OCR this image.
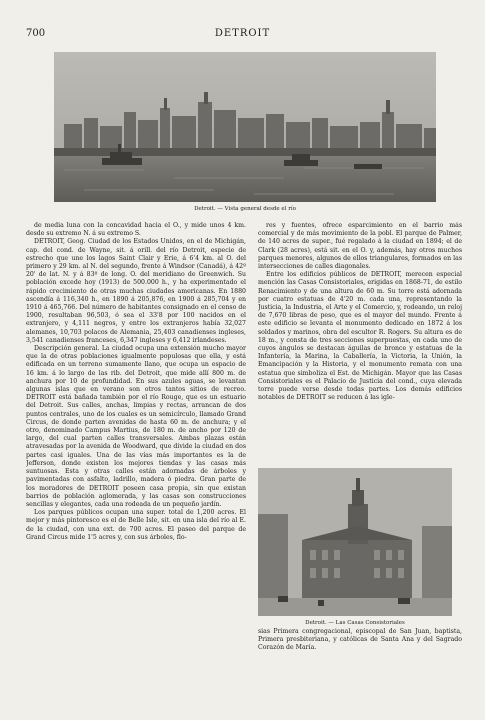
700	DETROIT
Detroit. — Vista general desde el río

de media luna con la concavidad hacia el O., y mide unos 4 km. desde su extremo N. á su extremo S.

DETROIT, Geog. Ciudad de los Estados Unidos, en el de Michigán, cap. del cond. de Wayne, sit. á orill. del río Detroit, especie de estrecho que une los lagos Saint Clair y Erie, á 6'4 km. al O. del primero y 29 km. al N. del segundo, frente á Windsor (Canadá), á 42º 20' de lat. N. y á 83º de long. O. del meridiano de Greenwich. Su población excede hoy (1913) de 500.000 h., y ha experimentado el rápido crecimiento de otras muchas ciudades americanas. En 1880 ascendía á 116,340 h., en 1890 á 205,876, en 1900 á 285,704 y en 1910 á 465,766. Del número de habitantes consignado en el censo de 1900, resultaban 96,503, ó sea el 33'8 por 100 nacidos en el extranjero, y 4,111 negros, y entre los extranjeros había 32,027 alemanes, 10,703 polacos de Alemania, 25,403 canadienses ingleses, 3,541 canadienses franceses, 6,347 ingleses y 6,412 irlandeses.

Descripción general. La ciudad ocupa una extensión mucho mayor que la de otras poblaciones igualmente populosas que ella, y está edificada en un terreno sumamente llano, que ocupa un espacio de 16 km. á lo largo de las rib. del Detroit, que mide allí 800 m. de anchura por 10 de profundidad. En sus azules aguas, se levantan algunas islas que en verano son otros tantos sitios de recreo. DETROIT está bañada también por el río Rouge, que es un estuario del Detroit. Sus calles, anchas, limpias y rectas, arrancan de dos puntos centrales, uno de los cuales es un semicírculo, llamado Grand Circus, de donde parten avenidas de hasta 60 m. de anchura; y el otro, denominado Campus Martius, de 180 m. de ancho por 120 de largo, del cual parten calles transversales. Ambas plazas están atravesadas por la avenida de Woodward, que divide la ciudad en dos partes casi iguales. Una de las vías más importantes es la de Jefferson, donde existen los mejores tiendas y las casas más suntuosas. Esta y otras calles están adornadas de árboles y pavimentadas con asfalto, ladrillo, madera ó piedra. Gran parte de los moradores de DETROIT poseen casa propia, sin que existan barrios de población aglomerada, y las casas son construcciones sencillas y elegantes, cada una rodeada de un pequeño jardín.

Los parques públicos ocupan una super. total de 1,200 acres. El mejor y más pintoresco es el de Belle Isle, sit. en una isla del río al E. de la ciudad, con una ext. de 700 acres. El paseo del parque de Grand Circus mide 1'5 acres y, con sus árboles, flo-

res y fuentes, ofrece esparcimiento en el barrio más comercial y de más movimiento de la pobl. El parque de Palmer, de 140 acres de super., fué regalado á la ciudad en 1894; el de Clark (28 acres), está sit. en el O. y, además, hay otros muchos parques menores, algunos de ellos triangulares, formados en las intersecciones de calles diagonales.

Entre los edificios públicos de DETROIT, merecen especial mención las Casas Consistoriales, erigidas en 1868-71, de estilo Renacimiento y de una altura de 60 m. Su torre está adornada por cuatro estatuas de 4'20 m. cada una, representando la Justicia, la Industria, el Arte y el Comercio, y, rodeando, un reloj de 7,670 libras de peso, que es el mayor del mundo. Frente á este edificio se levanta el monumento dedicado en 1872 á los soldados y marinos, obra del escultor R. Rogers. Su altura es de 18 m., y consta de tres secciones superpuestas, en cada uno de cuyos ángulos se destacan águilas de bronce y estatuas de la Infantería, la Marina, la Caballería, la Victoria, la Unión, la Emancipación y la Historia, y el monumento remata con una estatua que simboliza el Est. de Michigán. Mayor que las Casas Consistoriales es el Palacio de Justicia del cond., cuya elevada torre puede verse desde todas partes. Los demás edificios notables de DETROIT se reducen á las igle-

Detroit. — Las Casas Consistoriales

sias Primera congregacional, episcopal de San Juan, baptista, Primera presbiteriana, y católicas de Santa Ana y del Sagrado Corazón de María.
